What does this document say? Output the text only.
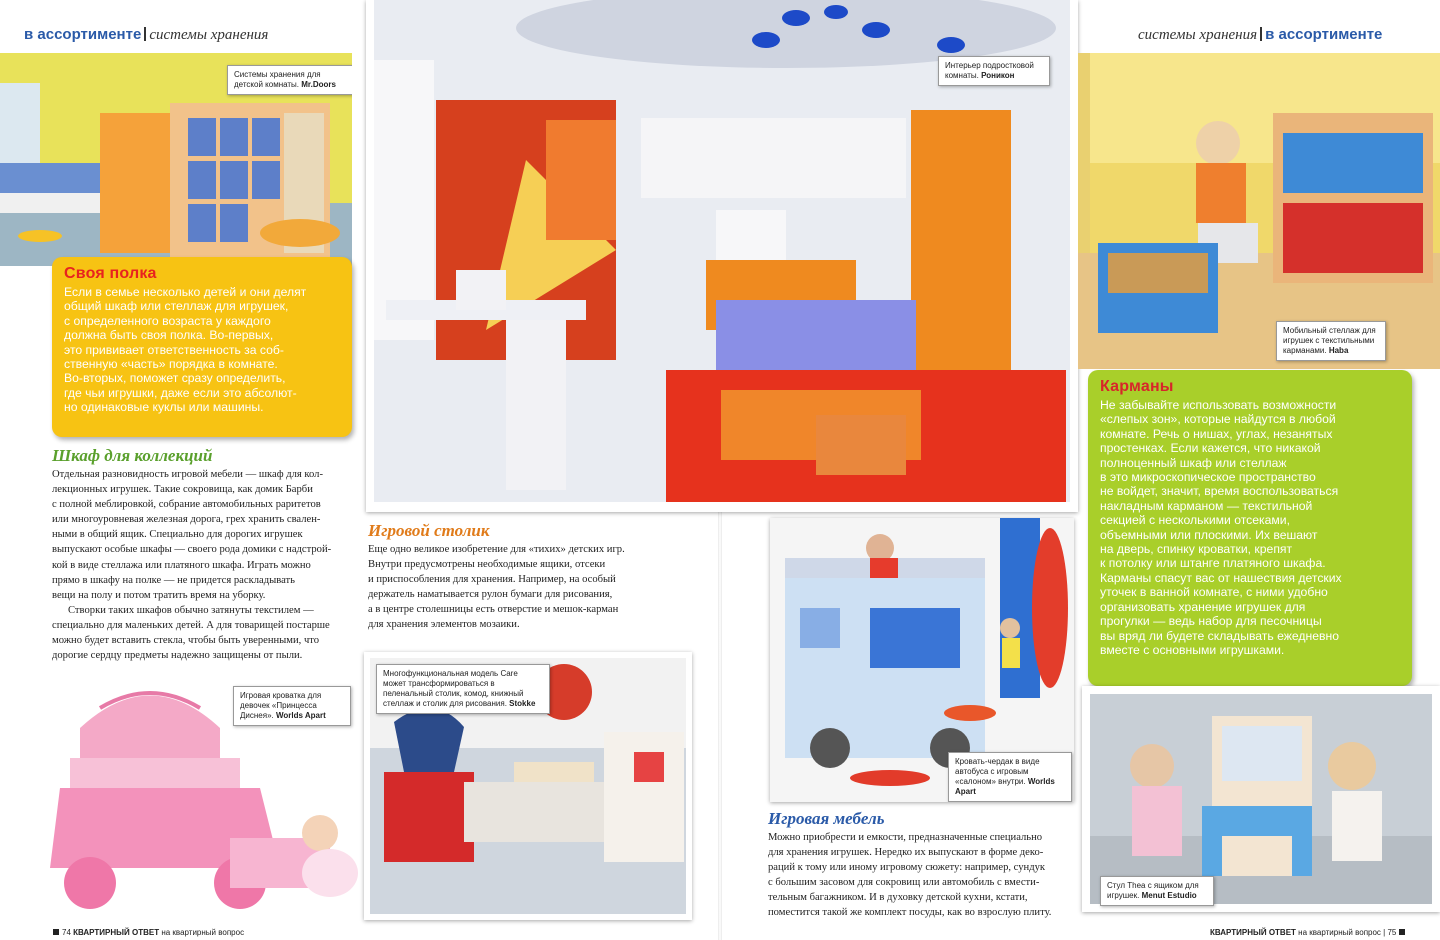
в ассортименте системы хранения	системы хранения в ассортименте
Системы хранения для детской комнаты. Mr.Doors
Своя полка

Если в семье несколько детей и они делят
общий шкаф или стеллаж для игрушек,
с определенного возраста у каждого
должна быть своя полка. Во-первых,
это прививает ответственность за соб-
ственную «часть» порядка в комнате.
Во-вторых, поможет сразу определить,
где чьи игрушки, даже если это абсолют-
но одинаковые куклы или машины.

Шкаф для коллекций
Отдельная разновидность игровой мебели — шкаф для кол-
лекционных игрушек. Такие сокровища, как домик Барби
с полной меблировкой, собрание автомобильных раритетов
или многоуровневая железная дорога, грех хранить свален-
ными в общий ящик. Специально для дорогих игрушек
выпускают особые шкафы — своего рода домики с надстрой-
кой в виде стеллажа или платяного шкафа. Играть можно
прямо в шкафу на полке — не придется раскладывать
вещи на полу и потом тратить время на уборку.
Створки таких шкафов обычно затянуты текстилем —
специально для маленьких детей. А для товарищей постарше
можно будет вставить стекла, чтобы быть уверенными, что
дорогие сердцу предметы надежно защищены от пыли.
Игровая кроватка для девочек «Принцесса Диснея». Worlds Apart
Интерьер подростковой комнаты. Роникон
Игровой столик
Еще одно великое изобретение для «тихих» детских игр.
Внутри предусмотрены необходимые ящики, отсеки
и приспособления для хранения. Например, на особый
держатель наматывается рулон бумаги для рисования,
а в центре столешницы есть отверстие и мешок-карман
для хранения элементов мозаики.
Многофункциональная модель Care может трансформироваться в пеленальный столик, комод, книжный стеллаж и столик для рисования. Stokke
Кровать-чердак в виде автобуса с игровым «салоном» внутри. Worlds Apart
Игровая мебель
Можно приобрести и емкости, предназначенные специально
для хранения игрушек. Нередко их выпускают в форме деко-
раций к тому или иному игровому сюжету: например, сундук
с большим засовом для сокровищ или автомобиль с вмести-
тельным багажником. И в духовку детской кухни, кстати,
поместится такой же комплект посуды, как во взрослую плиту.
Мобильный стеллаж для игрушек с текстильными карманами. Haba
Карманы

Не забывайте использовать возможности
«слепых зон», которые найдутся в любой
комнате. Речь о нишах, углах, незанятых
простенках. Если кажется, что никакой
полноценный шкаф или стеллаж
в это микроскопическое пространство
не войдет, значит, время воспользоваться
накладным карманом — текстильной
секцией с несколькими отсеками,
объемными или плоскими. Их вешают
на дверь, спинку кроватки, крепят
к потолку или штанге платяного шкафа.
Карманы спасут вас от нашествия детских
уточек в ванной комнате, с ними удобно
организовать хранение игрушек для
прогулки — ведь набор для песочницы
вы вряд ли будете складывать ежедневно
вместе с основными игрушками.

Стул Thea с ящиком для игрушек. Menut Estudio
74 КВАРТИРНЫЙ ОТВЕТ на квартирный вопрос	КВАРТИРНЫЙ ОТВЕТ на квартирный вопрос | 75
